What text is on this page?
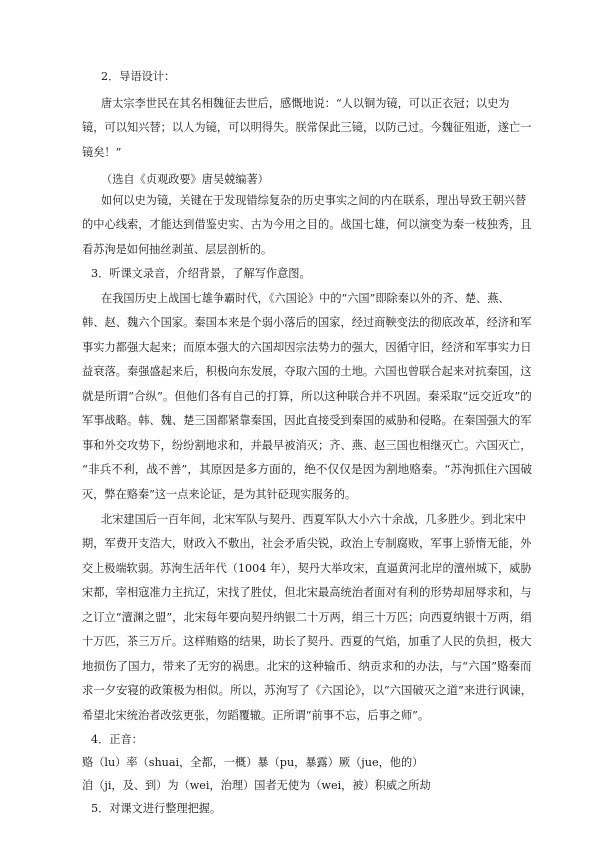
2．导语设计：
唐太宗李世民在其名相魏征去世后，感慨地说：“人以铜为镜，可以正衣冠；以史为
镜，可以知兴替；以人为镜，可以明得失。朕常保此三镜，以防己过。今魏征殂逝，遂亡一
镜矣！”
（选自《贞观政要》唐吴兢编著）
如何以史为镜，关键在于发现错综复杂的历史事实之间的内在联系，理出导致王朝兴替
的中心线索，才能达到借鉴史实、古为今用之目的。战国七雄，何以演变为秦一枝独秀，且
看苏洵是如何抽丝剥茧、层层剖析的。
3．听课文录音，介绍背景，了解写作意图。
在我国历史上战国七雄争霸时代，《六国论》中的“六国”即除秦以外的齐、楚、燕、
韩、赵、魏六个国家。秦国本来是个弱小落后的国家，经过商鞅变法的彻底改革，经济和军
事实力都强大起来；而原本强大的六国却因宗法势力的强大，因循守旧，经济和军事实力日
益衰落。秦强盛起来后，积极向东发展，夺取六国的土地。六国也曾联合起来对抗秦国，这
就是所谓“合纵”。但他们各有自己的打算，所以这种联合并不巩固。秦采取“远交近攻”的
军事战略。韩、魏、楚三国都紧靠秦国，因此直接受到秦国的威胁和侵略。在秦国强大的军
事和外交攻势下，纷纷割地求和，并最早被消灭；齐、燕、赵三国也相继灭亡。六国灭亡，
“非兵不利，战不善”，其原因是多方面的，绝不仅仅是因为割地赂秦。“苏洵抓住六国破
灭，弊在赂秦”这一点来论证，是为其针砭现实服务的。
北宋建国后一百年间，北宋军队与契丹、西夏军队大小六十余战，几多胜少。到北宋中
期，军费开支浩大，财政入不敷出，社会矛盾尖锐，政治上专制腐败，军事上骄惰无能，外
交上极端软弱。苏洵生活年代（1004 年），契丹大举攻宋，直逼黄河北岸的澶州城下，威胁
宋都，宰相寇准力主抗辽，宋找了胜仗，但北宋最高统治者面对有利的形势却屈辱求和，与
之订立“澶渊之盟”，北宋每年要向契丹纳银二十万两，绢三十万匹；向西夏纳银十万两，绢
十万匹，茶三万斤。这样贿赂的结果，助长了契丹、西夏的气焰，加重了人民的负担，极大
地损伤了国力，带来了无穷的祸患。北宋的这种输币、纳贡求和的办法，与“六国”赂秦而
求一夕安寝的政策极为相似。所以，苏洵写了《六国论》，以“六国破灭之道”来进行讽谏，
希望北宋统治者改弦更张，勿蹈覆辙。正所谓“前事不忘，后事之师”。
4．正音：
赂（lu）率（shuai，全都，一概）暴（pu，暴露）厥（jue，他的）
洎（ji，及、到）为（wei，治理）国者无使为（wei，被）积威之所劫
5．对课文进行整理把握。
